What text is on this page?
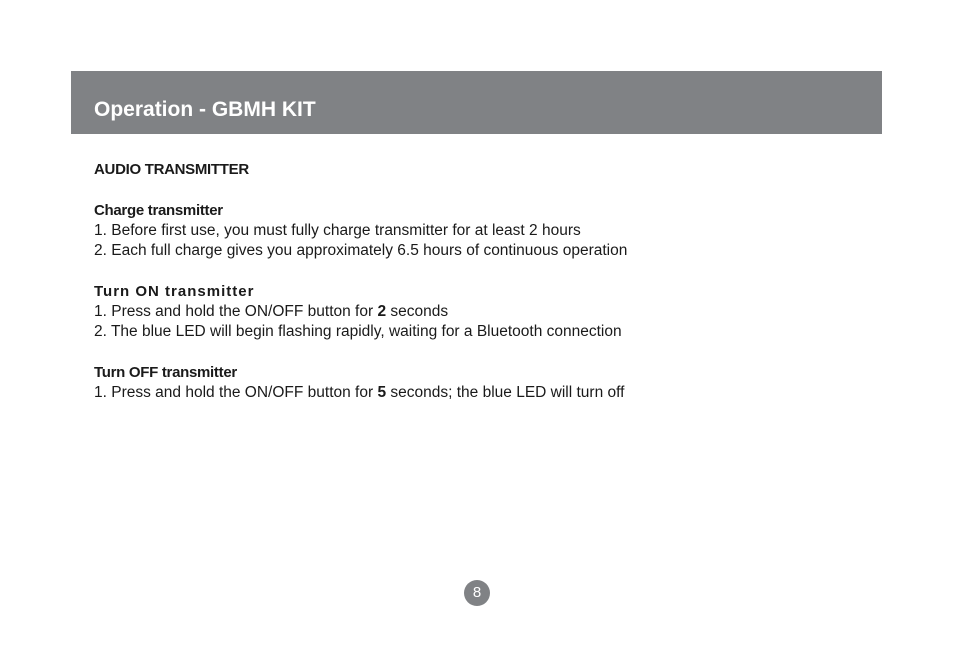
Operation - GBMH KIT
AUDIO TRANSMITTER
Charge transmitter

1. Before first use, you must fully charge transmitter for at least 2 hours

2. Each full charge gives you approximately 6.5 hours of continuous operation

Turn ON transmitter

1. Press and hold the ON/OFF button for 2 seconds

2. The blue LED will begin flashing rapidly, waiting for a Bluetooth connection

Turn OFF transmitter

1. Press and hold the ON/OFF button for 5 seconds; the blue LED will turn off

8
